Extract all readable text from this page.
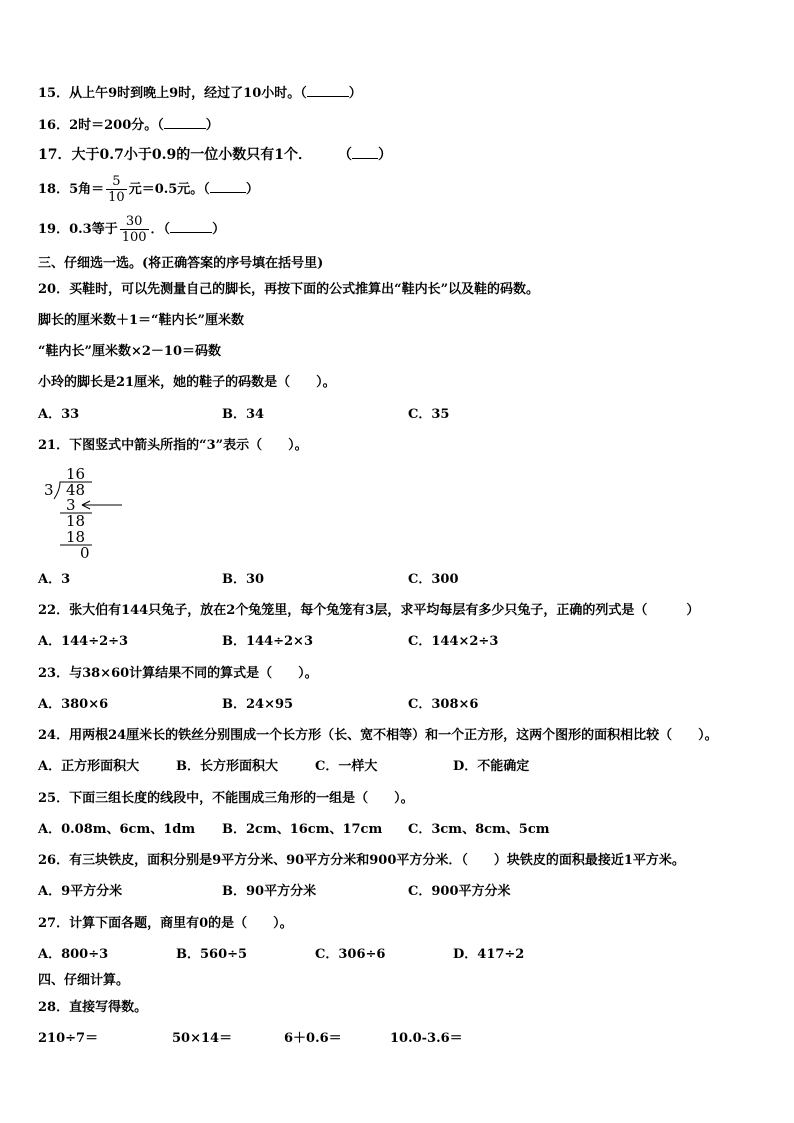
15．从上午9时到晚上9时，经过了10小时。（	）
16．2时＝200分。（	）
17．大于0.7小于0.9的一位小数只有1个． （ ）
18．5角＝ $\frac{5}{10}$ 元＝0.5元。（	）
19．0.3等于 $\frac{30}{100}$ ．（	）
三、仔细选一选。(将正确答案的序号填在括号里)
20．买鞋时，可以先测量自己的脚长，再按下面的公式推算出“鞋内长”以及鞋的码数。
脚长的厘米数＋1＝“鞋内长”厘米数
“鞋内长”厘米数×2－10＝码数
小玲的脚长是21厘米，她的鞋子的码数是（　　）。
A．33	B．34	C．35
21．下图竖式中箭头所指的“3”表示（　　）。
16
3 48
3
18
18
0
A．3	B．30	C．300
22．张大伯有144只兔子，放在2个兔笼里，每个兔笼有3层，求平均每层有多少只兔子，正确的列式是（　　　）
A．144÷2÷3	B．144÷2×3	C．144×2÷3
23．与38×60计算结果不同的算式是（　　）。
A．380×6	B．24×95	C．308×6
24．用两根24厘米长的铁丝分别围成一个长方形（长、宽不相等）和一个正方形，这两个图形的面积相比较（　　）。
A．正方形面积大	B．长方形面积大	C．一样大	D．不能确定
25．下面三组长度的线段中，不能围成三角形的一组是（　　）。
A．0.08m、6cm、1dm B．2cm、16cm、17cm C．3cm、8cm、5cm
26．有三块铁皮，面积分别是9平方分米、90平方分米和900平方分米．（　　）块铁皮的面积最接近1平方米。
A．9平方分米	B．90平方分米	C．900平方分米
27．计算下面各题，商里有0的是（　　）。
A．800÷3	B．560÷5	C．306÷6	D．417÷2
四、仔细计算。
28．直接写得数。
210÷7＝	50×14＝	6＋0.6＝	10.0-3.6＝
